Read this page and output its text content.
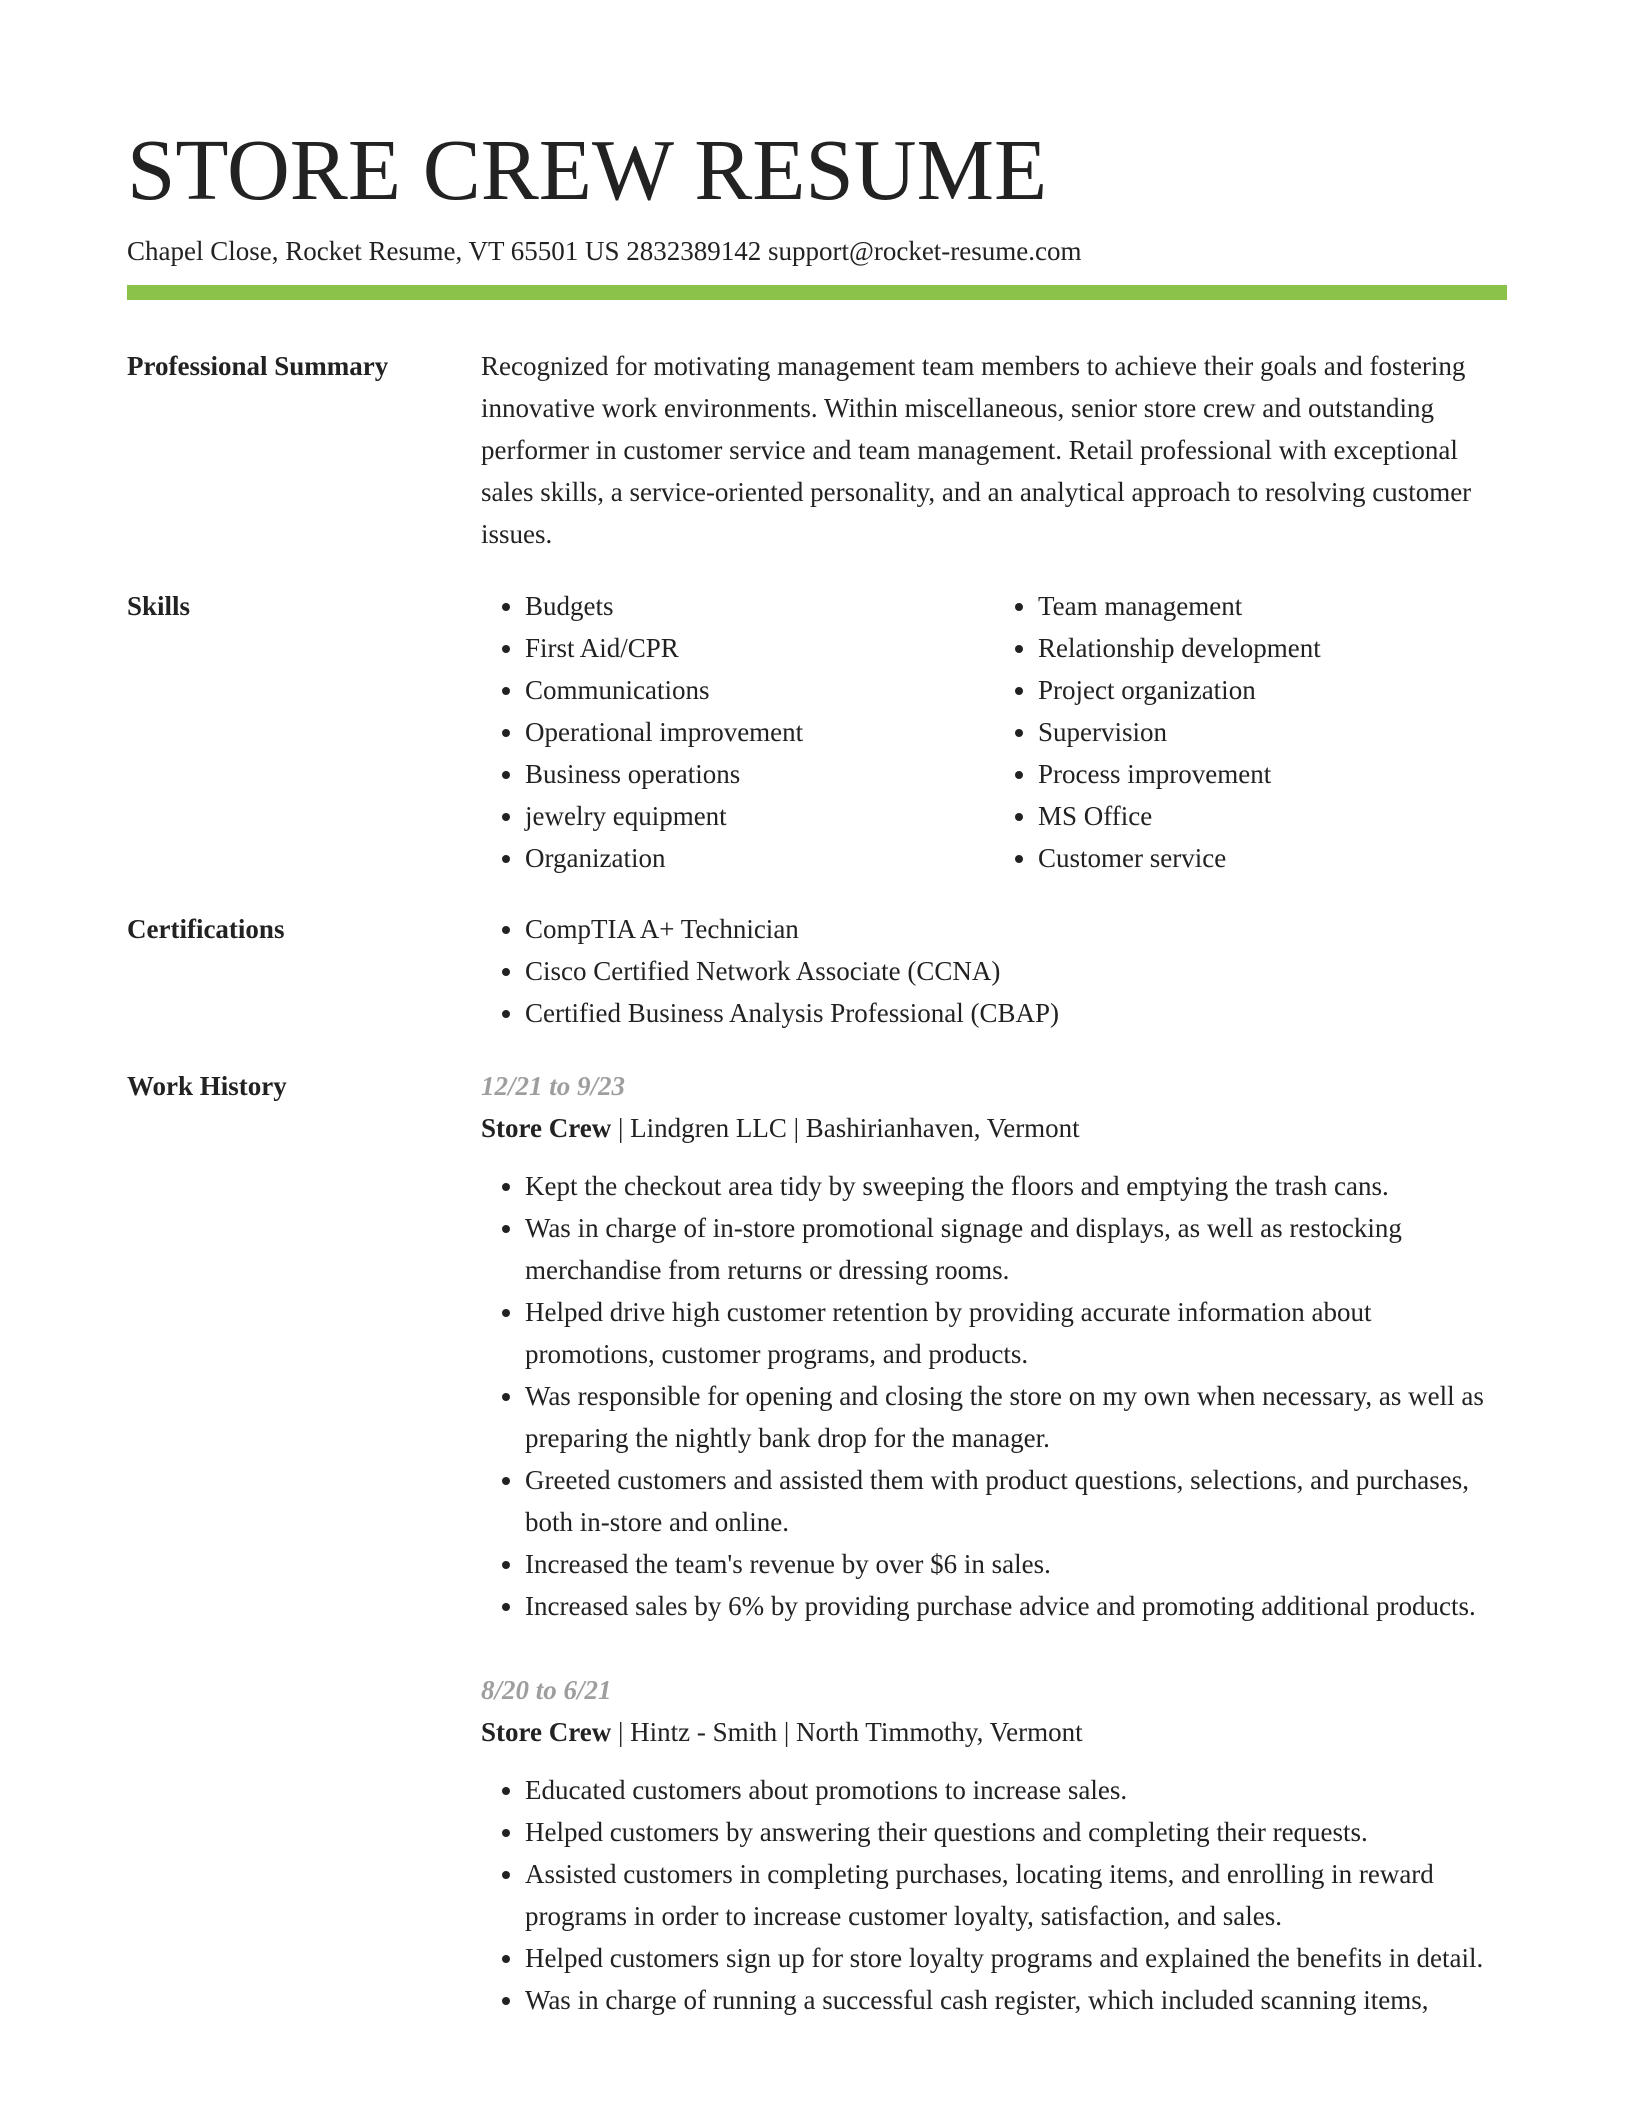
STORE CREW RESUME
Chapel Close, Rocket Resume, VT 65501 US 2832389142 support@rocket-resume.com
Professional Summary	Recognized for motivating management team members to achieve their goals and fostering innovative work environments. Within miscellaneous, senior store crew and outstanding performer in customer service and team management. Retail professional with exceptional sales skills, a service-oriented personality, and an analytical approach to resolving customer issues.

Skills	• Budgets
• First Aid/CPR
• Communications
• Operational improvement
• Business operations
• jewelry equipment
• Organization
• Team management
• Relationship development
• Project organization
• Supervision
• Process improvement
• MS Office
• Customer service
Certifications	• CompTIA A+ Technician
• Cisco Certified Network Associate (CCNA)
• Certified Business Analysis Professional (CBAP)
Work History	12/21 to 9/23
Store Crew | Lindgren LLC | Bashirianhaven, Vermont
• Kept the checkout area tidy by sweeping the floors and emptying the trash cans.
• Was in charge of in-store promotional signage and displays, as well as restocking merchandise from returns or dressing rooms.
• Helped drive high customer retention by providing accurate information about promotions, customer programs, and products.
• Was responsible for opening and closing the store on my own when necessary, as well as preparing the nightly bank drop for the manager.
• Greeted customers and assisted them with product questions, selections, and purchases, both in-store and online.
• Increased the team's revenue by over $6 in sales.
• Increased sales by 6% by providing purchase advice and promoting additional products.
8/20 to 6/21
Store Crew | Hintz - Smith | North Timmothy, Vermont
• Educated customers about promotions to increase sales.
• Helped customers by answering their questions and completing their requests.
• Assisted customers in completing purchases, locating items, and enrolling in reward programs in order to increase customer loyalty, satisfaction, and sales.
• Helped customers sign up for store loyalty programs and explained the benefits in detail.
• Was in charge of running a successful cash register, which included scanning items,
